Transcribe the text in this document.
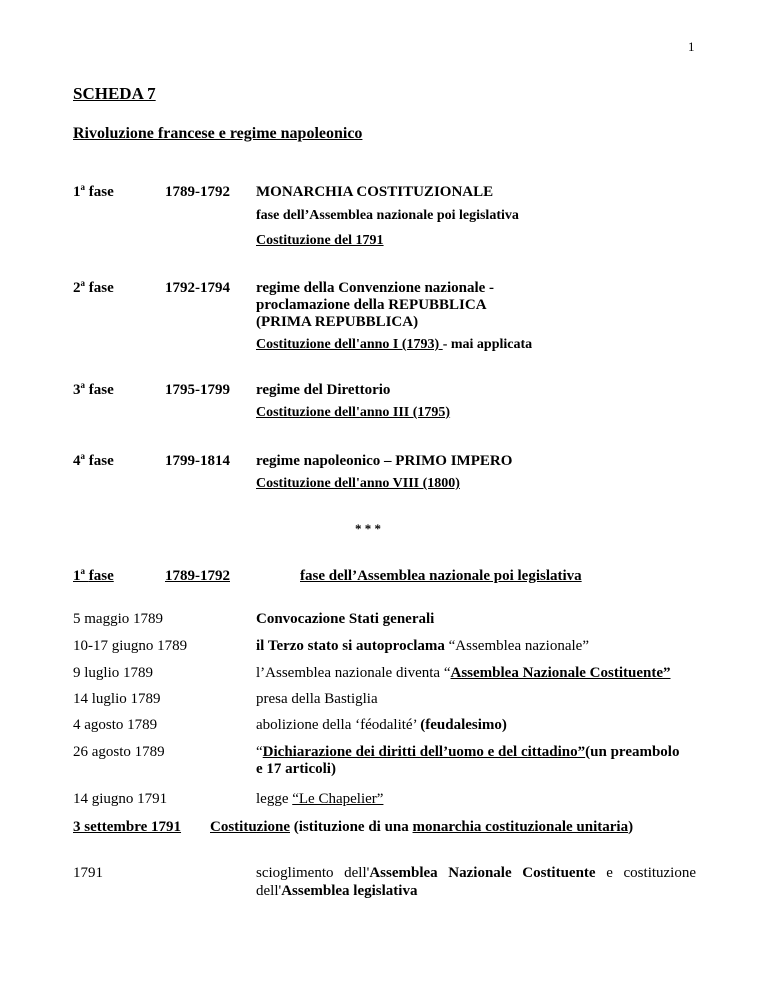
1
SCHEDA 7
Rivoluzione francese e regime napoleonico
1$^a$ fase	1789-1792 MONARCHIA COSTITUZIONALE
fase dell’Assemblea nazionale poi legislativa
Costituzione del 1791
2$^a$ fase	1792-1794 regime della Convenzione nazionale -
proclamazione della REPUBBLICA
(PRIMA REPUBBLICA)
Costituzione dell'anno I (1793) - mai applicata
3$^a$ fase	1795-1799 regime del Direttorio
Costituzione dell'anno III (1795)
4$^a$ fase	1799-1814 regime napoleonico – PRIMO IMPERO
Costituzione dell'anno VIII (1800)
* * *
1$^a$ fase	1789-1792	fase dell’Assemblea nazionale poi legislativa
5 maggio 1789	Convocazione Stati generali
10-17 giugno 1789	il Terzo stato si autoproclama “Assemblea nazionale”
9 luglio 1789	l’Assemblea nazionale diventa “Assemblea Nazionale Costituente”
14 luglio 1789	presa della Bastiglia
4 agosto 1789	abolizione della ‘féodalité’ (feudalesimo)
26 agosto 1789	“Dichiarazione dei diritti dell’uomo e del cittadino”(un preambolo
e 17 articoli)
14 giugno 1791	legge “Le Chapelier”
3 settembre 1791 Costituzione (istituzione di una monarchia costituzionale unitaria)
1791	scioglimento dell'Assemblea Nazionale Costituente e costituzione
dell'Assemblea legislativa
